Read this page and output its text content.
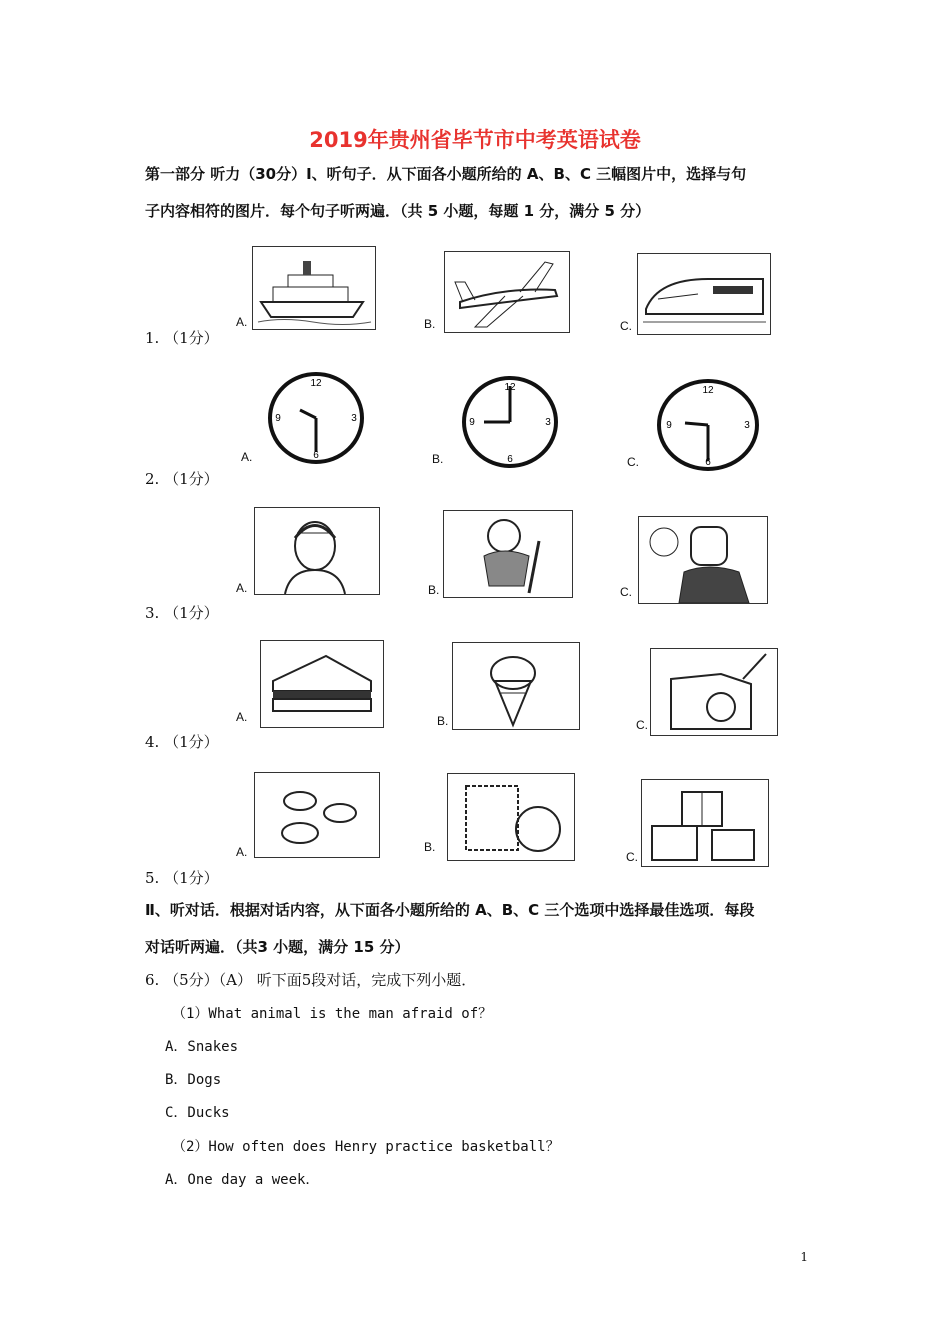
2019年贵州省毕节市中考英语试卷
第一部分 听力（30分）Ⅰ、听句子．从下面各小题所给的 A、B、C 三幅图片中，选择与句
子内容相符的图片．每个句子听两遍．（共 5 小题，每题 1 分，满分 5 分）
1. （1分）
A.	B.	C.
2. （1分）
A.
12
6
9	3
B.
12
6
9	3
C.
12
6
9	3
3. （1分）
A.	B.	C.
4. （1分）
A.	B.	C.
5. （1分）
A.	B.
C.
Ⅱ、听对话．根据对话内容，从下面各小题所给的 A、B、C 三个选项中选择最佳选项．每段
对话听两遍．（共3 小题，满分 15 分）
6. （5分）（A） 听下面5段对话，完成下列小题．
（1）What animal is the man afraid of？
A．Snakes
B．Dogs
C．Ducks
（2）How often does Henry practice basketball？
A．One day a week．
1
